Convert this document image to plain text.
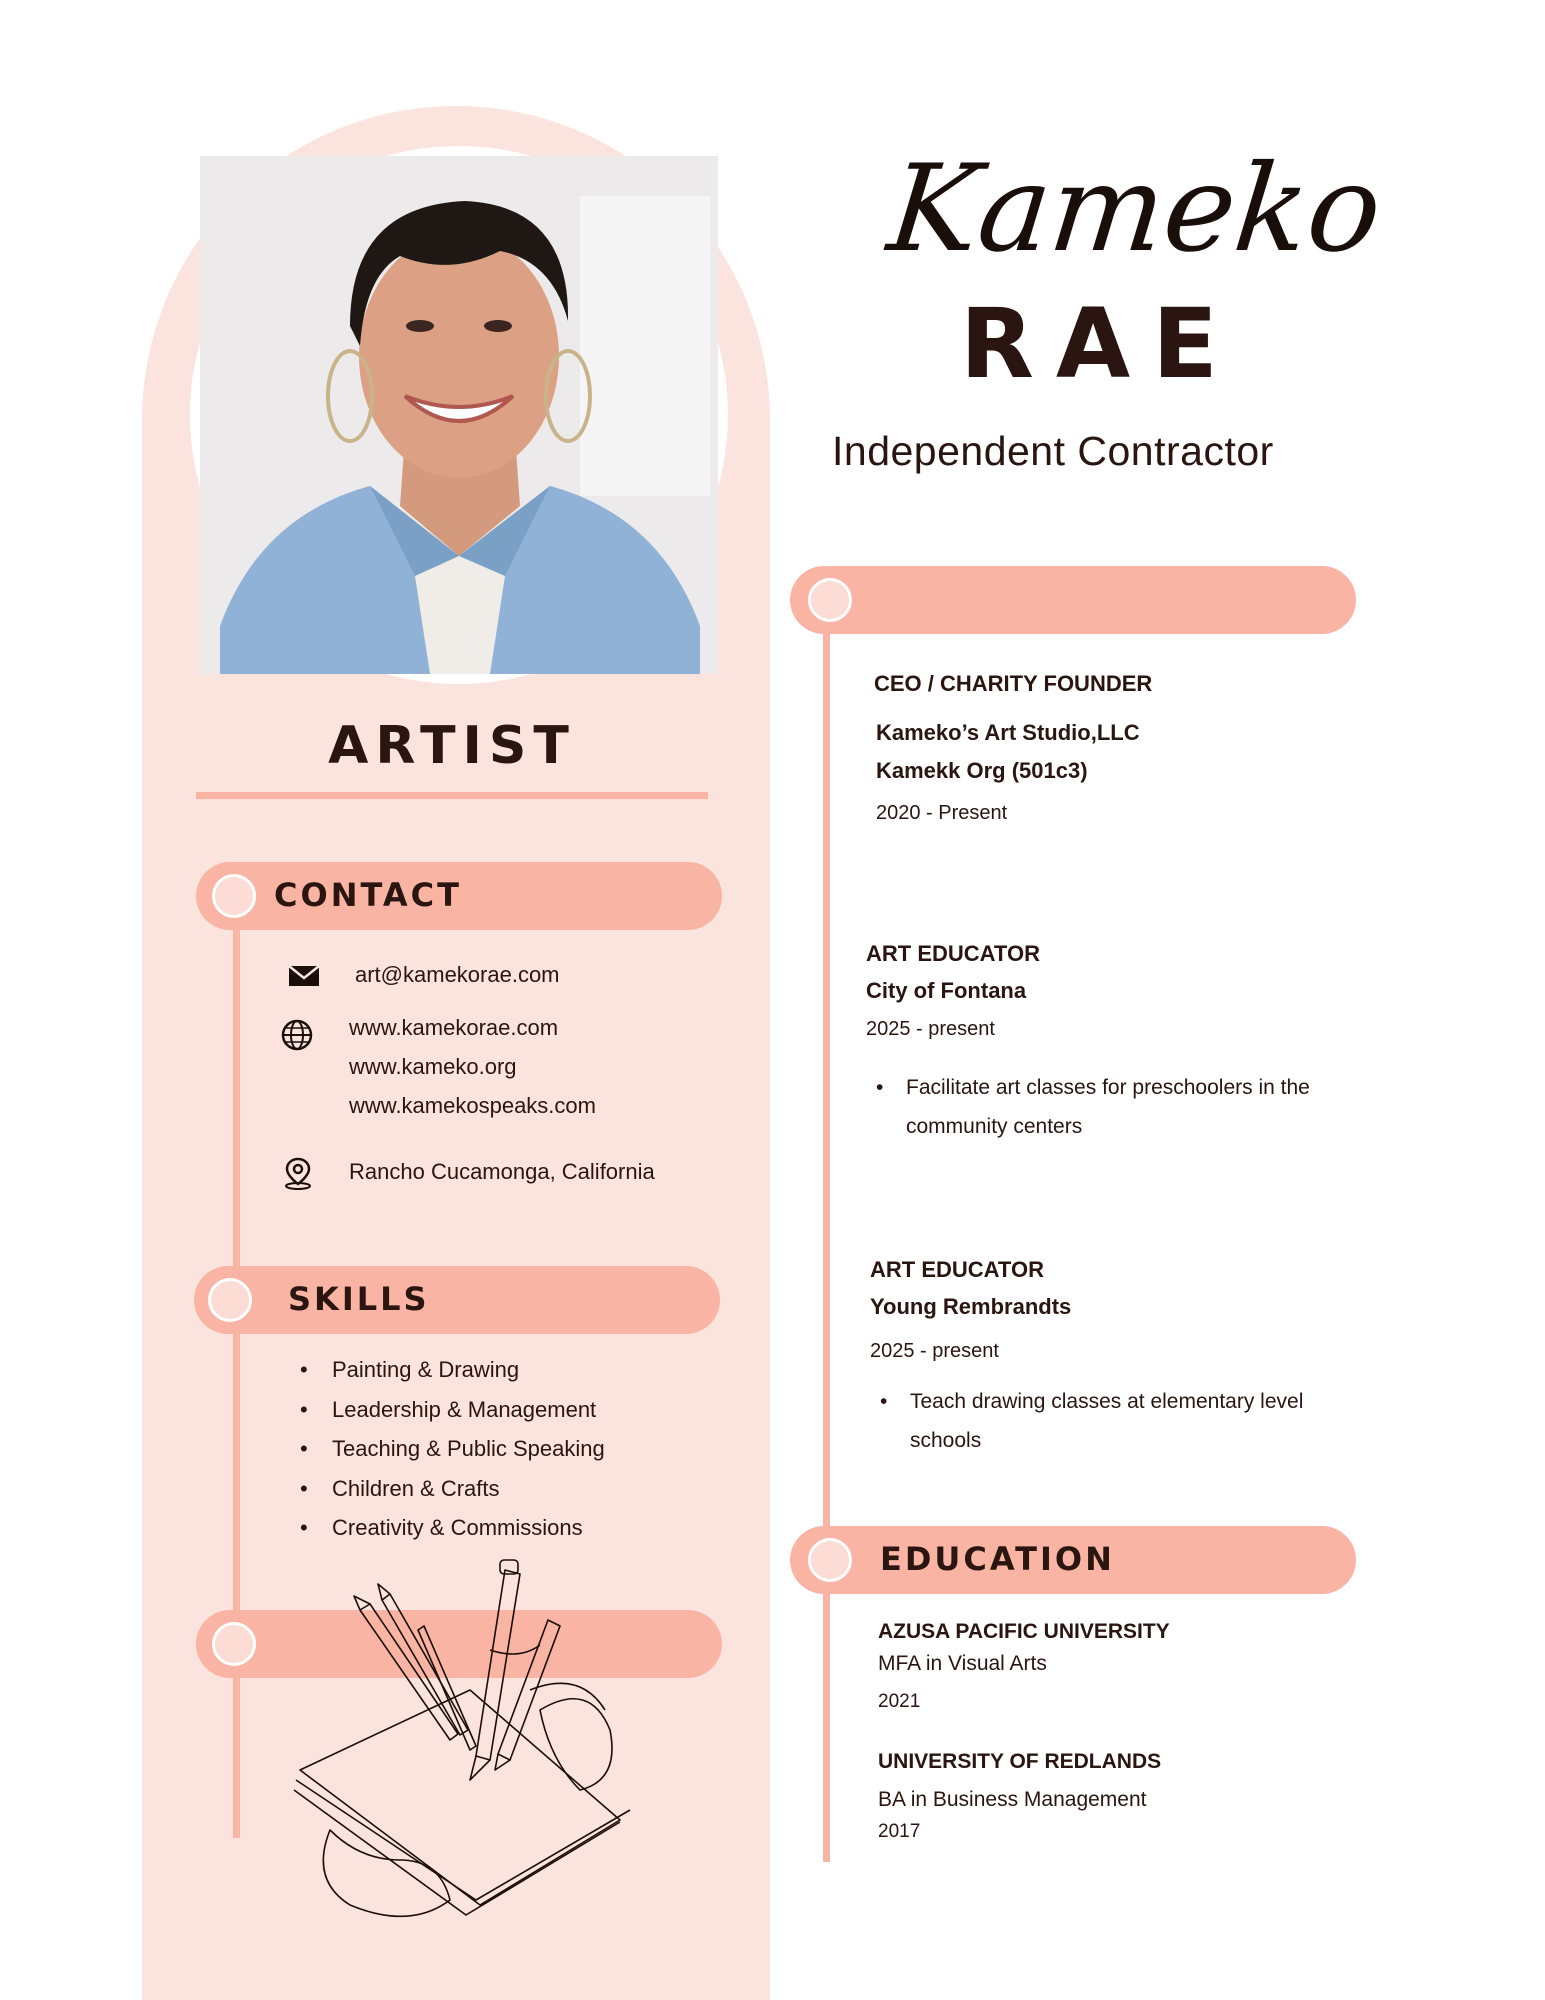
ARTIST
CONTACT
art@kamekorae.com
www.kamekorae.com
www.kameko.org
www.kamekospeaks.com
Rancho Cucamonga, California
SKILLS
• Painting & Drawing
• Leadership & Management
• Teaching & Public Speaking
• Children & Crafts
• Creativity & Commissions
Kameko
RAE
Independent Contractor
CEO / CHARITY FOUNDER
Kameko’s Art Studio,LLC
Kamekk Org (501c3)
2020 - Present
ART EDUCATOR
City of Fontana
2025 - present
• Facilitate art classes for preschoolers in the
community centers
ART EDUCATOR
Young Rembrandts
2025 - present
• Teach drawing classes at elementary level
schools
EDUCATION
AZUSA PACIFIC UNIVERSITY
MFA in Visual Arts
2021
UNIVERSITY OF REDLANDS
BA in Business Management
2017
